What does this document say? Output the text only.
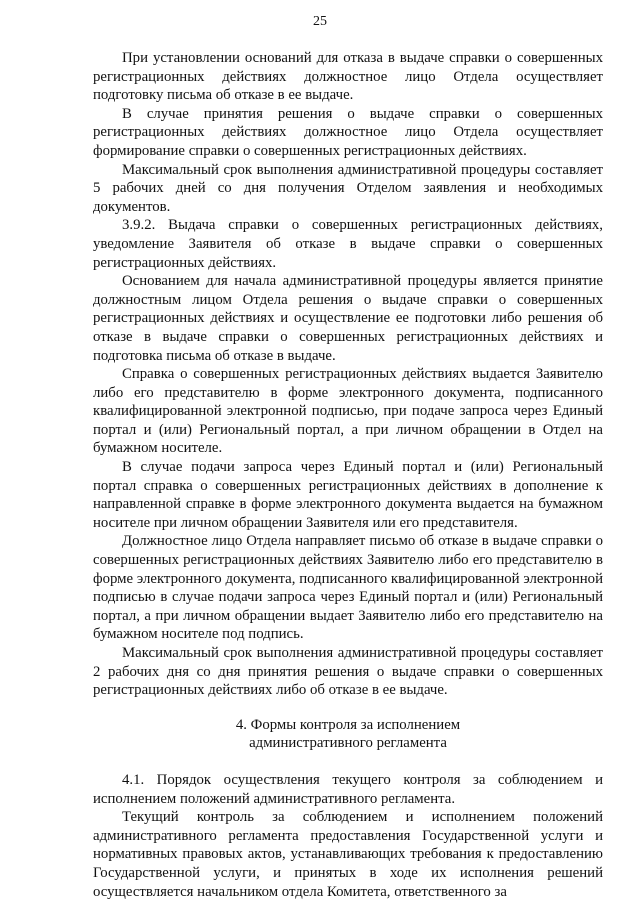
25

При установлении оснований для отказа в выдаче справки о совершенных регистрационных действиях должностное лицо Отдела осуществляет подготовку письма об отказе в ее выдаче.

В случае принятия решения о выдаче справки о совершенных регистрационных действиях должностное лицо Отдела осуществляет формирование справки о совершенных регистрационных действиях.

Максимальный срок выполнения административной процедуры составляет 5 рабочих дней со дня получения Отделом заявления и необходимых документов.

3.9.2. Выдача справки о совершенных регистрационных действиях, уведомление Заявителя об отказе в выдаче справки о совершенных регистрационных действиях.

Основанием для начала административной процедуры является принятие должностным лицом Отдела решения о выдаче справки о совершенных регистрационных действиях и осуществление ее подготовки либо решения об отказе в выдаче справки о совершенных регистрационных действиях и подготовка письма об отказе в выдаче.

Справка о совершенных регистрационных действиях выдается Заявителю либо его представителю в форме электронного документа, подписанного квалифицированной электронной подписью, при подаче запроса через Единый портал и (или) Региональный портал, а при личном обращении в Отдел на бумажном носителе.

В случае подачи запроса через Единый портал и (или) Региональный портал справка о совершенных регистрационных действиях в дополнение к направленной справке в форме электронного документа выдается на бумажном носителе при личном обращении Заявителя или его представителя.

Должностное лицо Отдела направляет письмо об отказе в выдаче справки о совершенных регистрационных действиях Заявителю либо его представителю в форме электронного документа, подписанного квалифицированной электронной подписью в случае подачи запроса через Единый портал и (или) Региональный портал, а при личном обращении выдает Заявителю либо его представителю на бумажном носителе под подпись.

Максимальный срок выполнения административной процедуры составляет 2 рабочих дня со дня принятия решения о выдаче справки о совершенных регистрационных действиях либо об отказе в ее выдаче.

4. Формы контроля за исполнением
административного регламента

4.1. Порядок осуществления текущего контроля за соблюдением и исполнением положений административного регламента.

Текущий контроль за соблюдением и исполнением положений административного регламента предоставления Государственной услуги и нормативных правовых актов, устанавливающих требования к предоставлению Государственной услуги, и принятых в ходе их исполнения решений осуществляется начальником отдела Комитета, ответственного за
